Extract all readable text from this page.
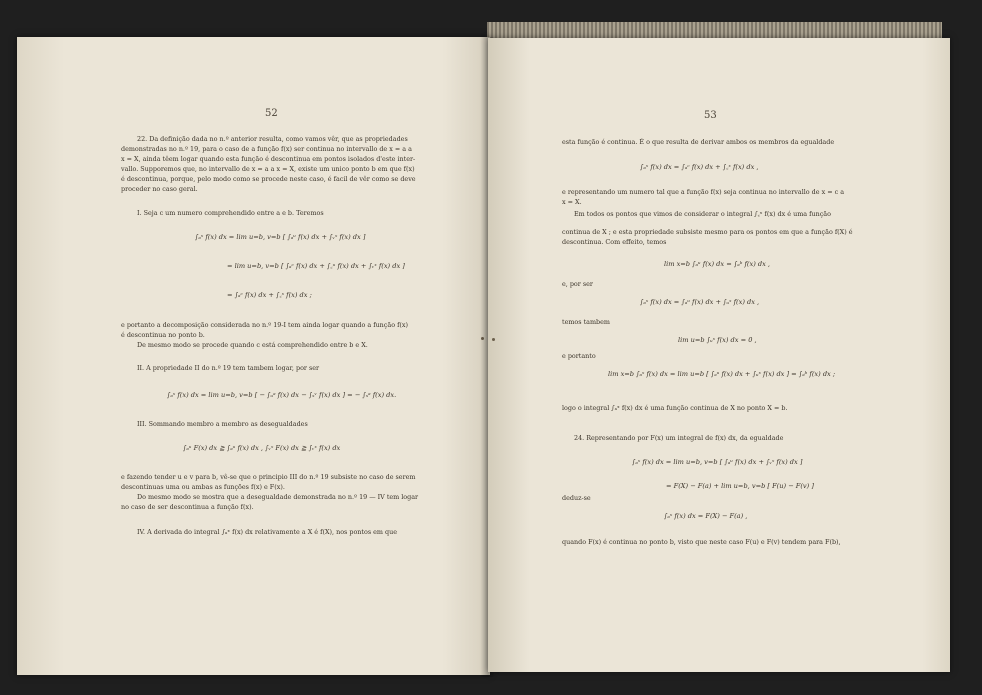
52
22. Da definição dada no n.º anterior resulta, como vamos vêr, que as propriedades
demonstradas no n.º 19, para o caso de a função f(x) ser continua no intervallo de x = a a
x = X, ainda têem logar quando esta função é descontinua em pontos isolados d'este inter-
vallo. Supporemos que, no intervallo de x = a a x = X, existe um unico ponto b em que f(x)
é descontinua, porque, pelo modo como se procede neste caso, é facil de vêr como se deve
proceder no caso geral.
I. Seja c um numero comprehendido entre a e b. Teremos
∫ₐˣ f(x) dx = lim u=b, v=b [ ∫ₐᵘ f(x) dx + ∫ᵥˣ f(x) dx ]
= lim u=b, v=b [ ∫ₐᶜ f(x) dx + ∫꜀ᵘ f(x) dx + ∫ᵥˣ f(x) dx ]
= ∫ₐᶜ f(x) dx + ∫꜀ˣ f(x) dx ;
e portanto a decomposição considerada no n.º 19-I tem ainda logar quando a função f(x)
é descontinua no ponto b.
De mesmo modo se procede quando c está comprehendido entre b e X.
II. A propriedade II do n.º 19 tem tambem logar, por ser
∫ₐˣ f(x) dx = lim u=b, v=b [ − ∫ᵤᵃ f(x) dx − ∫ₓᵛ f(x) dx ] = − ∫ₓᵃ f(x) dx.
III. Sommando membro a membro as desegualdades
∫ₐᵘ F(x) dx ≧ ∫ₐᵘ f(x) dx , ∫ᵥˣ F(x) dx ≧ ∫ᵥˣ f(x) dx
e fazendo tender u e v para b, vê-se que o principio III do n.º 19 subsiste no caso de serem
descontinuas uma ou ambas as funções f(x) e F(x).
Do mesmo modo se mostra que a desegualdade demonstrada no n.º 19 — IV tem logar
no caso de ser descontinua a função f(x).
IV. A derivada do integral ∫ₐˣ f(x) dx relativamente a X é f(X), nos pontos em que
53
esta função é continua. É o que resulta de derivar ambos os membros da egualdade
∫ₐˣ f(x) dx = ∫ₐᶜ f(x) dx + ∫꜀ˣ f(x) dx ,
e representando um numero tal que a função f(x) seja continua no intervallo de x = c a
x = X.
Em todos os pontos que vimos de considerar o integral ∫꜀ˣ f(x) dx é uma função
continua de X ; e esta propriedade subsiste mesmo para os pontos em que a função f(X) é
descontinua. Com effeito, temos
lim x=b ∫ₐᵘ f(x) dx = ∫ₐᵇ f(x) dx ,
e, por ser
∫ₐˣ f(x) dx = ∫ₐᵘ f(x) dx + ∫ᵤˣ f(x) dx ,
temos tambem
lim u=b ∫ᵤˣ f(x) dx = 0 ,
e portanto
lim x=b ∫ₐˣ f(x) dx = lim u=b [ ∫ₐᵘ f(x) dx + ∫ᵤˣ f(x) dx ] = ∫ₐᵇ f(x) dx ;
logo o integral ∫ₐˣ f(x) dx é uma função continua de X no ponto X = b.
24. Representando por F(x) um integral de f(x) dx, da egualdade
∫ₐˣ f(x) dx = lim u=b, v=b [ ∫ₐᵘ f(x) dx + ∫ᵥˣ f(x) dx ]
= F(X) − F(a) + lim u=b, v=b [ F(u) − F(v) ]
deduz-se
∫ₐˣ f(x) dx = F(X) − F(a) ,
quando F(x) é continua no ponto b, visto que neste caso F(u) e F(v) tendem para F(b),
